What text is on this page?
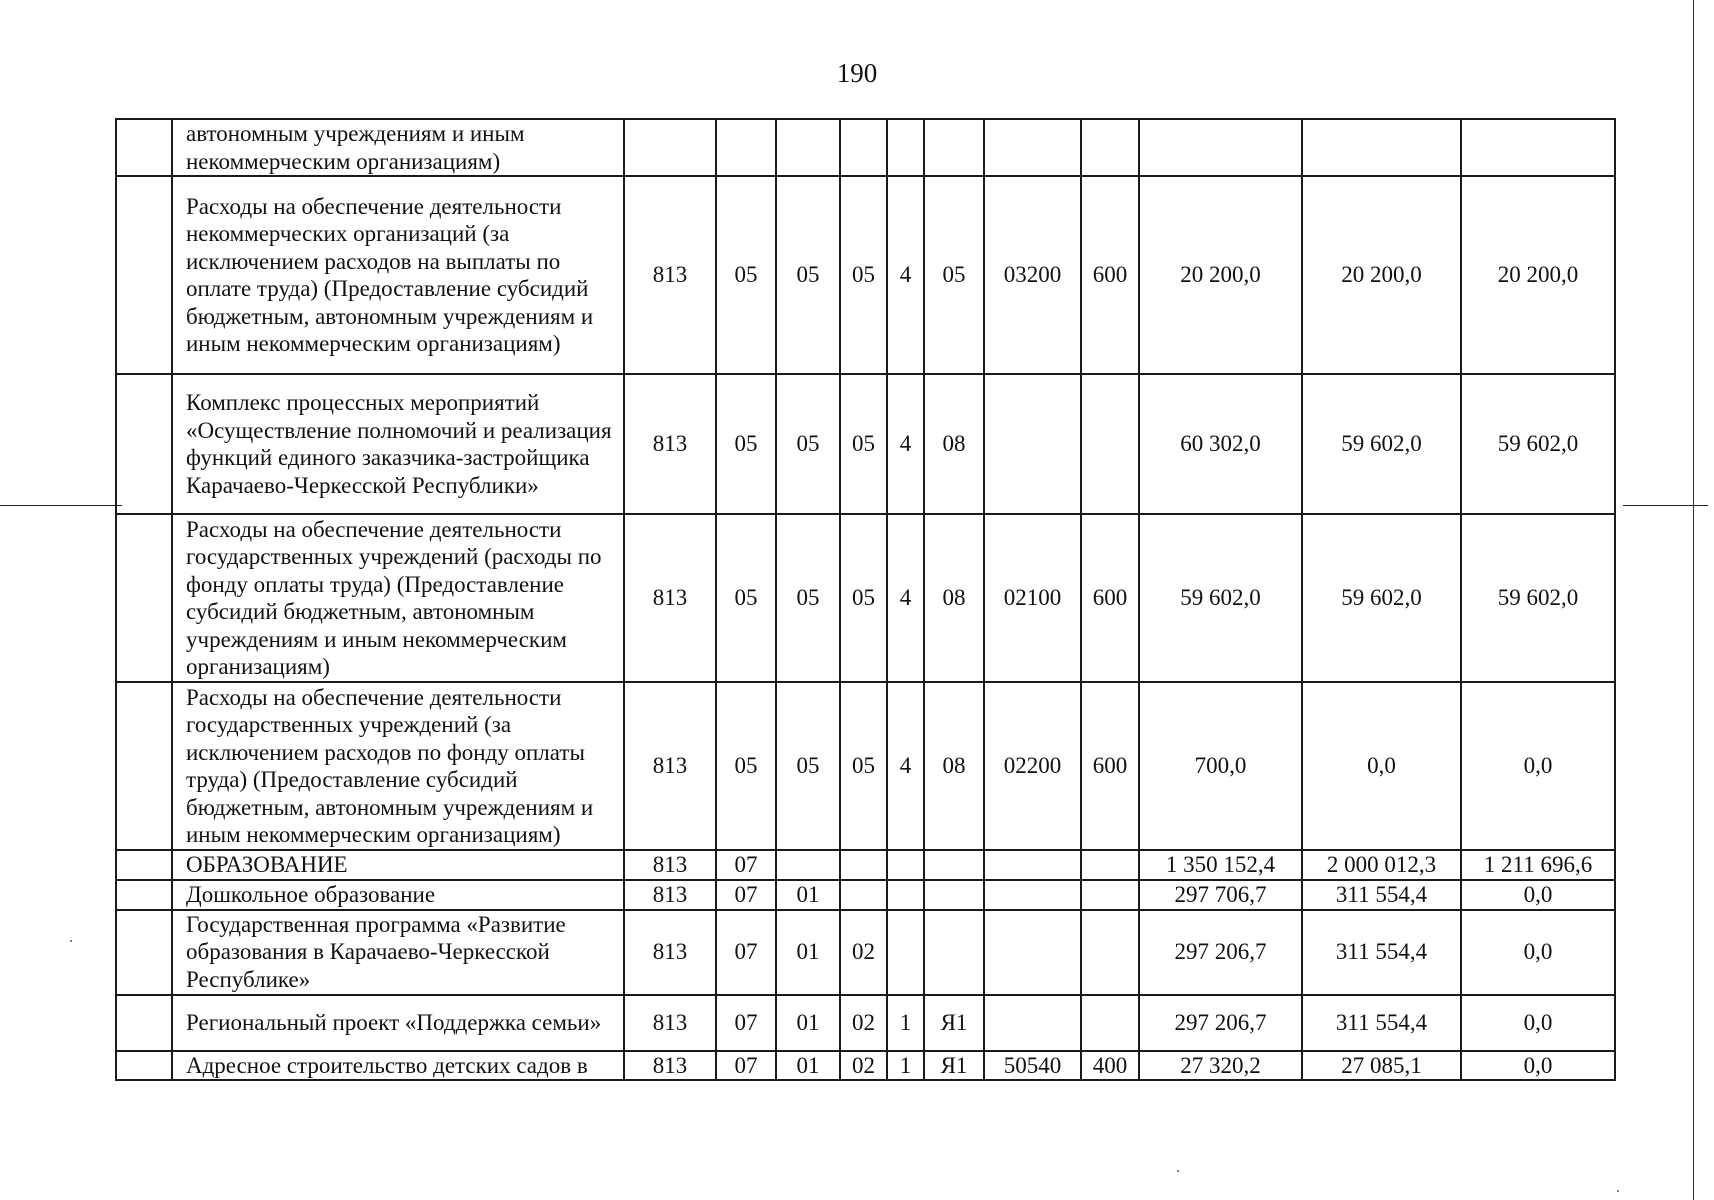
190
	автономным учреждениям и иным некоммерческим организациям)											
	Расходы на обеспечение деятельности некоммерческих организаций (за исключением расходов на выплаты по оплате труда) (Предоставление субсидий бюджетным, автономным учреждениям и иным некоммерческим организациям)	813	05	05	05	4	05	03200	600	20 200,0	20 200,0	20 200,0
	Комплекс процессных мероприятий «Осуществление полномочий и реализация функций единого заказчика-застройщика Карачаево-Черкесской Республики»	813	05	05	05	4	08			60 302,0	59 602,0	59 602,0
	Расходы на обеспечение деятельности государственных учреждений (расходы по фонду оплаты труда) (Предоставление субсидий бюджетным, автономным учреждениям и иным некоммерческим организациям)	813	05	05	05	4	08	02100	600	59 602,0	59 602,0	59 602,0
	Расходы на обеспечение деятельности государственных учреждений (за исключением расходов по фонду оплаты труда) (Предоставление субсидий бюджетным, автономным учреждениям и иным некоммерческим организациям)	813	05	05	05	4	08	02200	600	700,0	0,0	0,0
	ОБРАЗОВАНИЕ	813	07							1 350 152,4	2 000 012,3	1 211 696,6
	Дошкольное образование	813	07	01						297 706,7	311 554,4	0,0
	Государственная программа «Развитие образования в Карачаево-Черкесской Республике»	813	07	01	02					297 206,7	311 554,4	0,0
	Региональный проект «Поддержка семьи»	813	07	01	02	1	Я1			297 206,7	311 554,4	0,0
	Адресное строительство детских садов в	813	07	01	02	1	Я1	50540	400	27 320,2	27 085,1	0,0
